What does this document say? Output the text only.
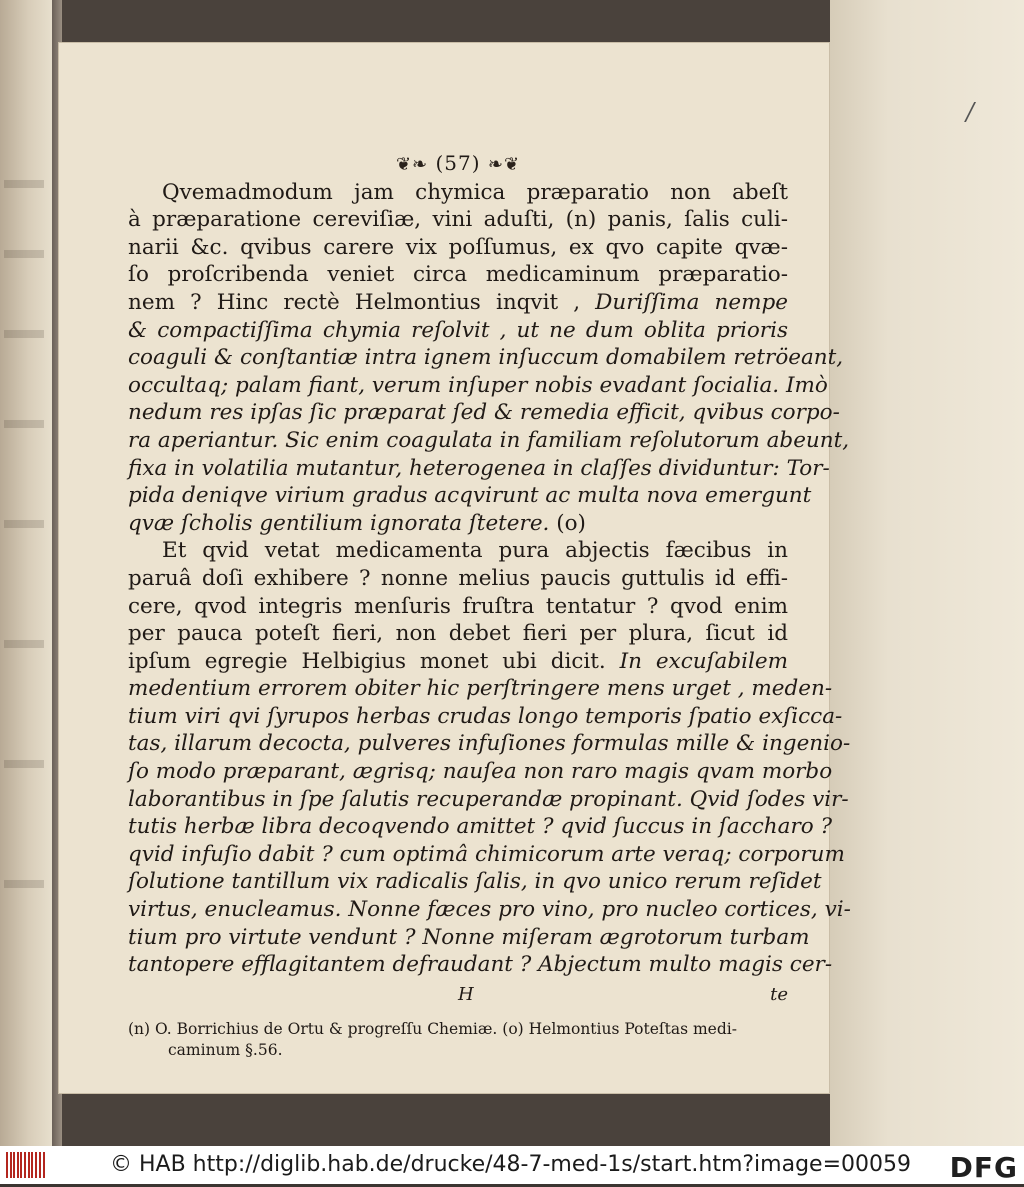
/
❦❧ (57) ❧❦
Qvemadmodum jam chymica præparatio non abeſt
à præparatione cereviſiæ, vini aduſti, (n) panis, ſalis culi-
narii &c. qvibus carere vix poſſumus, ex qvo capite qvæ-
ſo proſcribenda veniet circa medicaminum præparatio-
nem ? Hinc rectè Helmontius inqvit , Duriſſima nempe
& compactiſſima chymia reſolvit , ut ne dum oblita prioris
coaguli & conſtantiæ intra ignem inſuccum domabilem retröeant,
occultaq; palam fiant, verum inſuper nobis evadant ſocialia. Imò
nedum res ipſas ſic præparat ſed & remedia efficit, qvibus corpo-
ra aperiantur. Sic enim coagulata in familiam reſolutorum abeunt,
fixa in volatilia mutantur, heterogenea in claſſes dividuntur: Tor-
pida deniqve virium gradus acqvirunt ac multa nova emergunt
qvæ ſcholis gentilium ignorata ſtetere. (o)
Et qvid vetat medicamenta pura abjectis fæcibus in
paruâ doſi exhibere ? nonne melius paucis guttulis id effi-
cere, qvod integris menſuris fruſtra tentatur ? qvod enim
per pauca poteſt fieri, non debet fieri per plura, ſicut id
ipſum egregie Helbigius monet ubi dicit. In excuſabilem
medentium errorem obiter hic perſtringere mens urget , meden-
tium viri qvi ſyrupos herbas crudas longo temporis ſpatio exſiccа-
tas, illarum decocta, pulveres infuſiones formulas mille & ingenio-
ſo modo præparant, ægrisq; nauſea non raro magis qvam morbo
laborantibus in ſpe ſalutis recuperandæ propinant. Qvid ſodes vir-
tutis herbæ libra decoqvendo amittet ? qvid ſuccus in ſaccharo ?
qvid infuſio dabit ? cum optimâ chimicorum arte veraq; corporum
ſolutione tantillum vix radicalis ſalis, in qvo unico rerum reſidet
virtus, enucleamus. Nonne fæces pro vino, pro nucleo cortices, vi-
tium pro virtute vendunt ? Nonne miſeram ægrotorum turbam
tantopere efflagitantem defraudant ? Abjectum multo magis cer-
H	te
(n) O. Borrichius de Ortu & progreſſu Chemiæ. (o) Helmontius Poteſtas medi-
caminum §.56.
© HAB http://diglib.hab.de/drucke/48-7-med-1s/start.htm?image=00059 DFG
